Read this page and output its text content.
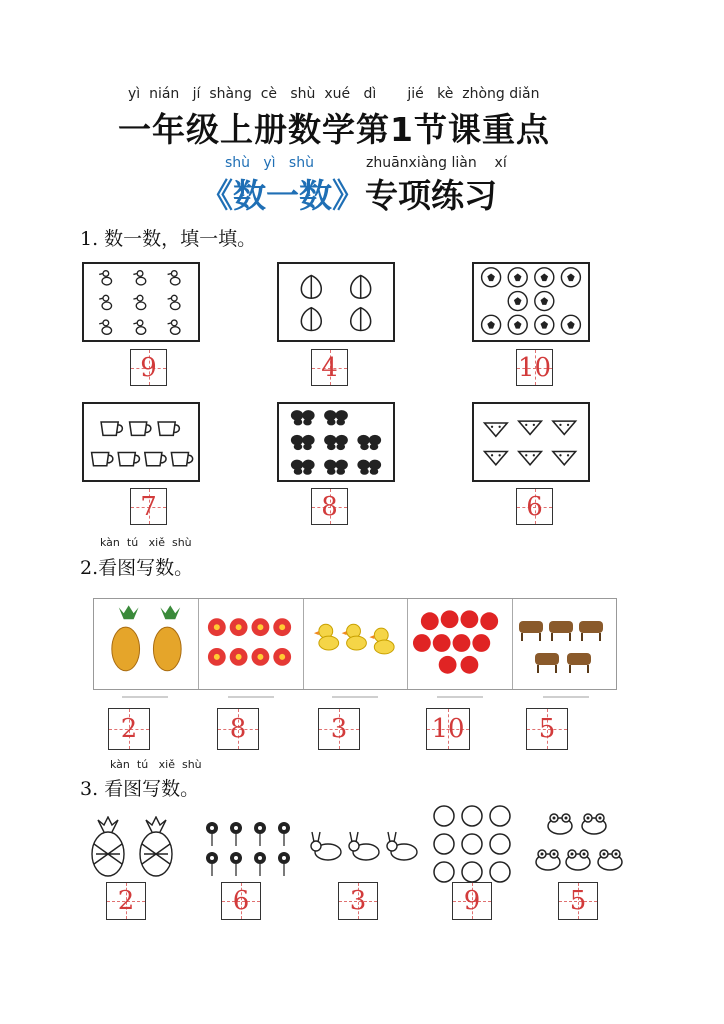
yì  nián   jí  shàng  cè   shù  xué   dì       jié   kè  zhòng diǎn
一年级上册数学第1节课重点
shù   yì   shù	zhuānxiàng liàn    xí
《数一数》专项练习
1. 数一数，填一填。
9	4	10
7	8	6
kàn  tú   xiě  shù
2.看图写数。
2	8	3	10	5
kàn  tú   xiě  shù
3. 看图写数。
2	6	3	9	5
